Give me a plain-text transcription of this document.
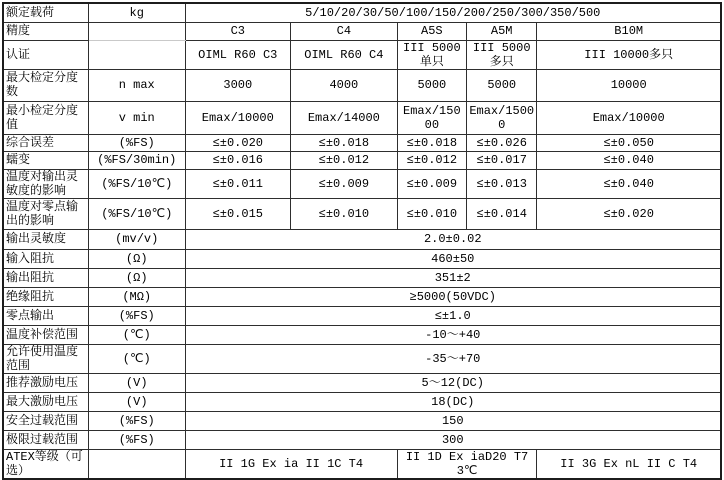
额定载荷	kg	5/10/20/30/50/100/150/200/250/300/350/500				
精度		C3	C4	A5S	A5M	B10M
认证		OIML R60 C3	OIML R60 C4	III 5000单只	III 5000多只	III 10000多只
最大检定分度数	n max	3000	4000	5000	5000	10000
最小检定分度值	v min	Emax/10000	Emax/14000	Emax/15000	Emax/15000	Emax/10000
综合误差	(%FS)	≤±0.020	≤±0.018	≤±0.018	≤±0.026	≤±0.050
蠕变	(%FS/30min)	≤±0.016	≤±0.012	≤±0.012	≤±0.017	≤±0.040
温度对输出灵敏度的影响	(%FS/10℃)	≤±0.011	≤±0.009	≤±0.009	≤±0.013	≤±0.040
温度对零点输出的影响	(%FS/10℃)	≤±0.015	≤±0.010	≤±0.010	≤±0.014	≤±0.020
输出灵敏度	(mv/v)	2.0±0.02				
输入阻抗	(Ω)	460±50				
输出阻抗	(Ω)	351±2				
绝缘阻抗	(MΩ)	≥5000(50VDC)				
零点输出	(%FS)	≤±1.0				
温度补偿范围	(℃)	-10～+40				
允许使用温度范围	(℃)	-35～+70				
推荐激励电压	(V)	5～12(DC)				
最大激励电压	(V)	18(DC)				
安全过载范围	(%FS)	150				
极限过载范围	(%FS)	300				
ATEX等级（可选）		II 1G Ex ia II 1C T4		II 1D Ex iaD20 T73℃		II 3G Ex nL II C T4
